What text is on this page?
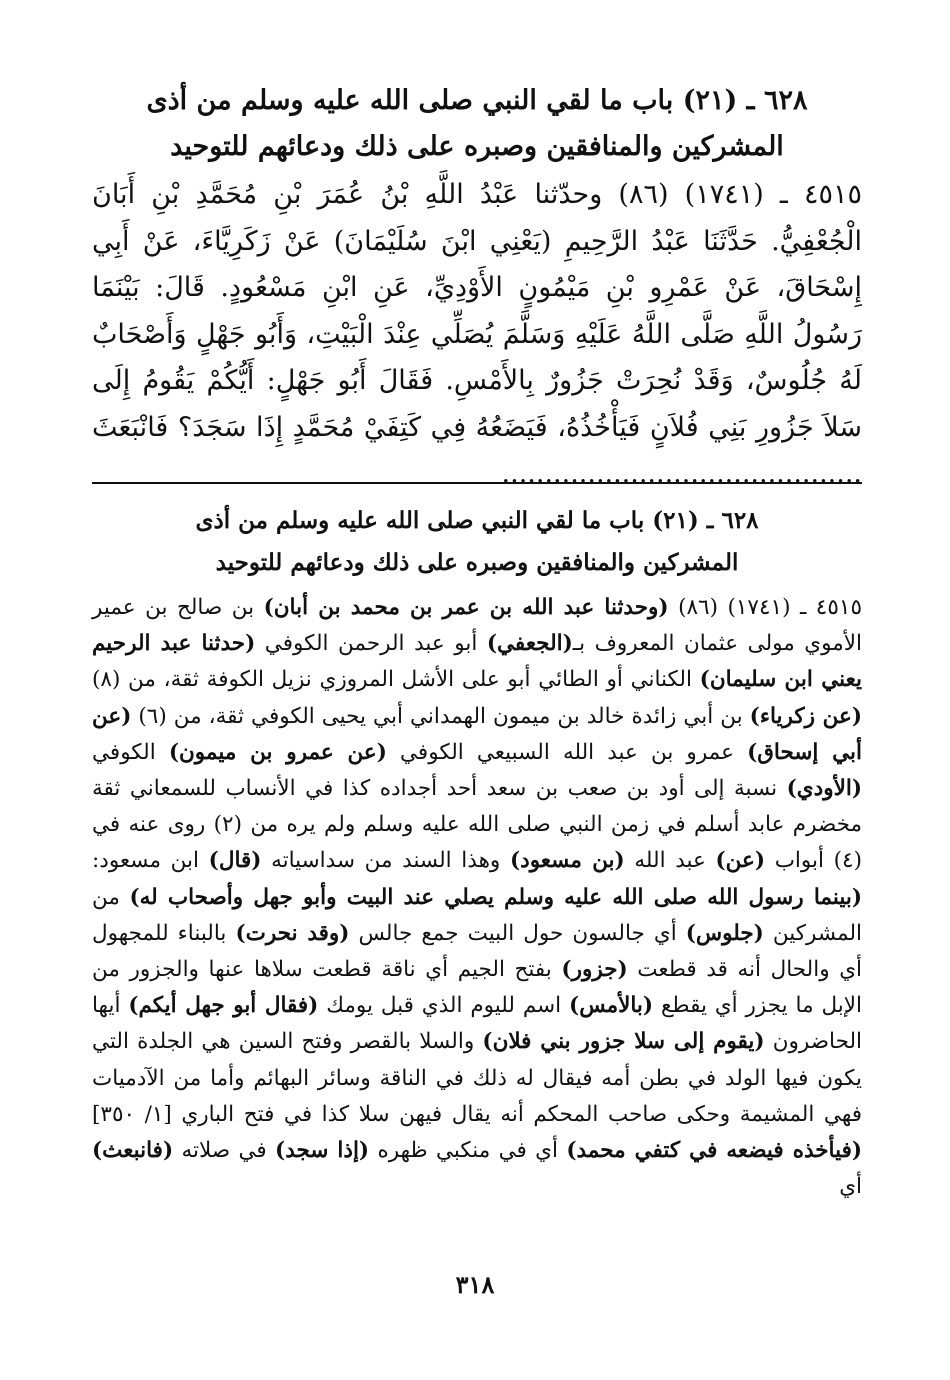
٦٢٨ ـ (٢١) باب ما لقي النبي صلى الله عليه وسلم من أذى
المشركين والمنافقين وصبره على ذلك ودعائهم للتوحيد

٤٥١٥ ـ (١٧٤١) (٨٦) وحدّثنا عَبْدُ اللَّهِ بْنُ عُمَرَ بْنِ مُحَمَّدِ بْنِ أَبَانَ الْجُعْفِيُّ. حَدَّثَنَا عَبْدُ الرَّحِيمِ (يَعْنِي ابْنَ سُلَيْمَانَ) عَنْ زَكَرِيَّاءَ، عَنْ أَبِي إِسْحَاقَ، عَنْ عَمْرِو بْنِ مَيْمُونٍ الأَوْدِيِّ، عَنِ ابْنِ مَسْعُودٍ. قَالَ: بَيْنَمَا رَسُولُ اللَّهِ صَلَّى اللَّهُ عَلَيْهِ وَسَلَّمَ يُصَلِّي عِنْدَ الْبَيْتِ، وَأَبُو جَهْلٍ وَأَصْحَابٌ لَهُ جُلُوسٌ، وَقَدْ نُحِرَتْ جَزُورٌ بِالأَمْسِ. فَقَالَ أَبُو جَهْلٍ: أَيُّكُمْ يَقُومُ إِلَى سَلاَ جَزُورِ بَنِي فُلاَنٍ فَيَأْخُذُهُ، فَيَضَعُهُ فِي كَتِفَيْ مُحَمَّدٍ إِذَا سَجَدَ؟ فَانْبَعَثَ ..........................................

٦٢٨ ـ (٢١) باب ما لقي النبي صلى الله عليه وسلم من أذى
المشركين والمنافقين وصبره على ذلك ودعائهم للتوحيد

٤٥١٥ ـ (١٧٤١) (٨٦) (وحدثنا عبد الله بن عمر بن محمد بن أبان) بن صالح بن عمير الأموي مولى عثمان المعروف بـ(الجعفي) أبو عبد الرحمن الكوفي (حدثنا عبد الرحيم يعني ابن سليمان) الكناني أو الطائي أبو على الأشل المروزي نزيل الكوفة ثقة، من (٨) (عن زكرياء) بن أبي زائدة خالد بن ميمون الهمداني أبي يحيى الكوفي ثقة، من (٦) (عن أبي إسحاق) عمرو بن عبد الله السبيعي الكوفي (عن عمرو بن ميمون) الكوفي (الأودي) نسبة إلى أود بن صعب بن سعد أحد أجداده كذا في الأنساب للسمعاني ثقة مخضرم عابد أسلم في زمن النبي صلى الله عليه وسلم ولم يره من (٢) روى عنه في (٤) أبواب (عن) عبد الله (بن مسعود) وهذا السند من سداسياته (قال) ابن مسعود: (بينما رسول الله صلى الله عليه وسلم يصلي عند البيت وأبو جهل وأصحاب له) من المشركين (جلوس) أي جالسون حول البيت جمع جالس (وقد نحرت) بالبناء للمجهول أي والحال أنه قد قطعت (جزور) بفتح الجيم أي ناقة قطعت سلاها عنها والجزور من الإبل ما يجزر أي يقطع (بالأمس) اسم لليوم الذي قبل يومك (فقال أبو جهل أيكم) أيها الحاضرون (يقوم إلى سلا جزور بني فلان) والسلا بالقصر وفتح السين هي الجلدة التي يكون فيها الولد في بطن أمه فيقال له ذلك في الناقة وسائر البهائم وأما من الآدميات فهي المشيمة وحكى صاحب المحكم أنه يقال فيهن سلا كذا في فتح الباري [١/ ٣٥٠] (فيأخذه فيضعه في كتفي محمد) أي في منكبي ظهره (إذا سجد) في صلاته (فانبعث) أي

٣١٨
